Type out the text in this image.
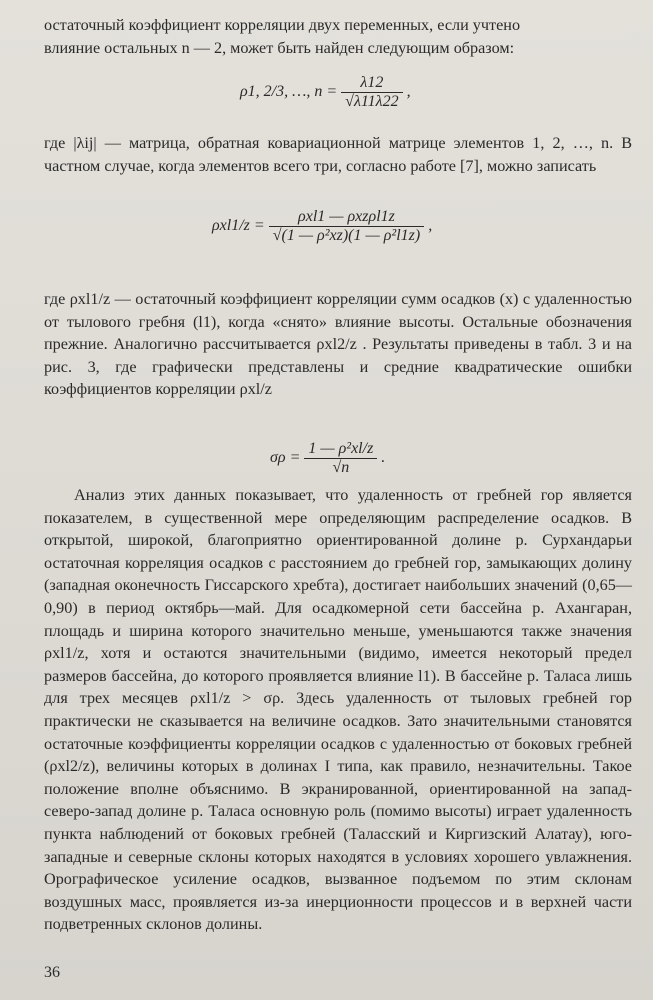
остаточный коэффициент корреляции двух переменных, если учтено

влияние остальных n — 2, может быть найден следующим образом:

ρ1, 2/3, …, $n = \frac{\lambda 12}{√\lambda 11\lambda 22}$ ,

где |λij| — матрица, обратная ковариационной матрице элементов 1, 2, …, n. В частном случае, когда элементов всего три, согласно работе [7], можно записать

$\rho xl1/z = \frac{\text{ρxl1 — ρxzρl1z}}{\text{√(1 — ρ²xz)(1 — ρ²l1z)}}$ ,

где ρxl1/z — остаточный коэффициент корреляции сумм осадков (x) с удаленностью от тылового гребня (l1), когда «снято» влияние высоты. Остальные обозначения прежние. Аналогично рассчитывается ρxl2/z . Результаты приведены в табл. 3 и на рис. 3, где графически представлены и средние квадратические ошибки коэффициентов корреляции ρxl/z

$\sigma\rho = \frac{\text{1 — ρ²xl/z}}{√n}$ .

Анализ этих данных показывает, что удаленность от гребней гор является показателем, в существенной мере определяющим распределение осадков. В открытой, широкой, благоприятно ориентированной долине р. Сурхандарьи остаточная корреляция осадков с расстоянием до гребней гор, замыкающих долину (западная оконечность Гиссарского хребта), достигает наибольших значений (0,65—0,90) в период октябрь—май. Для осадкомерной сети бассейна р. Ахангаран, площадь и ширина которого значительно меньше, уменьшаются также значения ρxl1/z, хотя и остаются значительными (видимо, имеется некоторый предел размеров бассейна, до которого проявляется влияние l1). В бассейне р. Таласа лишь для трех месяцев ρxl1/z > σρ. Здесь удаленность от тыловых гребней гор практически не сказывается на величине осадков. Зато значительными становятся остаточные коэффициенты корреляции осадков с удаленностью от боковых гребней (ρxl2/z), величины которых в долинах I типа, как правило, незначительны. Такое положение вполне объяснимо. В экранированной, ориентированной на запад-северо-запад долине р. Таласа основную роль (помимо высоты) играет удаленность пункта наблюдений от боковых гребней (Таласский и Киргизский Алатау), юго-западные и северные склоны которых находятся в условиях хорошего увлажнения. Орографическое усиление осадков, вызванное подъемом по этим склонам воздушных масс, проявляется из-за инерционности процессов и в верхней части подветренных склонов долины.

36
